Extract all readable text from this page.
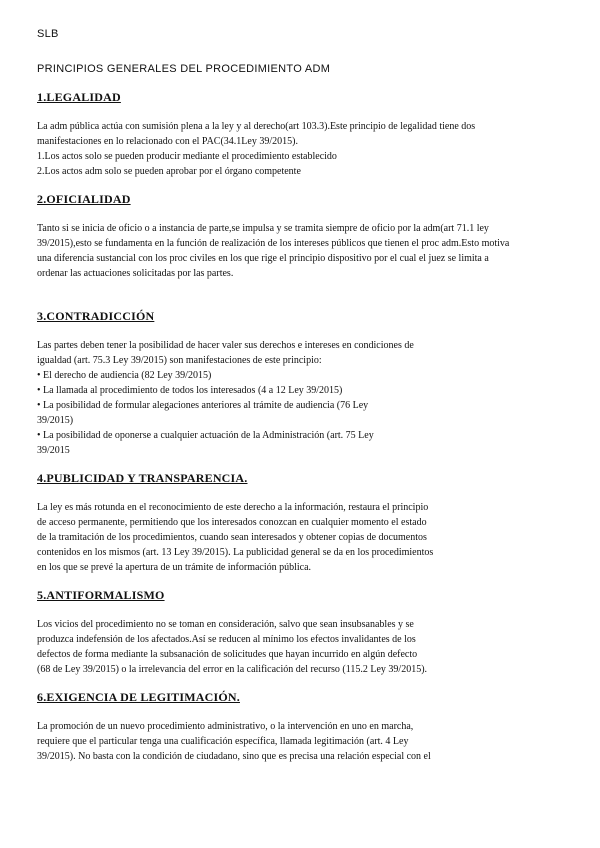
SLB
PRINCIPIOS GENERALES DEL PROCEDIMIENTO ADM
1.LEGALIDAD
La adm pública actúa con sumisión plena a la ley y al derecho(art 103.3).Este principio de legalidad tiene dos
manifestaciones en lo relacionado con el PAC(34.1Ley 39/2015).
1.Los actos solo se pueden producir mediante el procedimiento establecido
2.Los actos adm solo se pueden aprobar por el órgano competente
2.OFICIALIDAD
Tanto si se inicia de oficio o a instancia de parte,se impulsa y se tramita siempre de oficio por la adm(art 71.1 ley
39/2015),esto se fundamenta en la función de realización de los intereses públicos que tienen el proc adm.Esto motiva
una diferencia sustancial con los proc civiles en los que rige el principio dispositivo por el cual el juez se limita a
ordenar las actuaciones solicitadas por las partes.
3.CONTRADICCIÓN
Las partes deben tener la posibilidad de hacer valer sus derechos e intereses en condiciones de
igualdad (art. 75.3 Ley 39/2015) son manifestaciones de este principio:
• El derecho de audiencia (82 Ley 39/2015)
• La llamada al procedimiento de todos los interesados (4 a 12 Ley 39/2015)
• La posibilidad de formular alegaciones anteriores al trámite de audiencia (76 Ley
39/2015)
• La posibilidad de oponerse a cualquier actuación de la Administración (art. 75 Ley
39/2015
4.PUBLICIDAD Y TRANSPARENCIA.
La ley es más rotunda en el reconocimiento de este derecho a la información, restaura el principio
de acceso permanente, permitiendo que los interesados conozcan en cualquier momento el estado
de la tramitación de los procedimientos, cuando sean interesados y obtener copias de documentos
contenidos en los mismos (art. 13 Ley 39/2015). La publicidad general se da en los procedimientos
en los que se prevé la apertura de un trámite de información pública.
5.ANTIFORMALISMO
Los vicios del procedimiento no se toman en consideración, salvo que sean insubsanables y se
produzca indefensión de los afectados.Así se reducen al mínimo los efectos invalidantes de los
defectos de forma mediante la subsanación de solicitudes que hayan incurrido en algún defecto
(68 de Ley 39/2015) o la irrelevancia del error en la calificación del recurso (115.2 Ley 39/2015).
6.EXIGENCIA DE LEGITIMACIÓN.
La promoción de un nuevo procedimiento administrativo, o la intervención en uno en marcha,
requiere que el particular tenga una cualificación específica, llamada legitimación (art. 4 Ley
39/2015). No basta con la condición de ciudadano, sino que es precisa una relación especial con el
